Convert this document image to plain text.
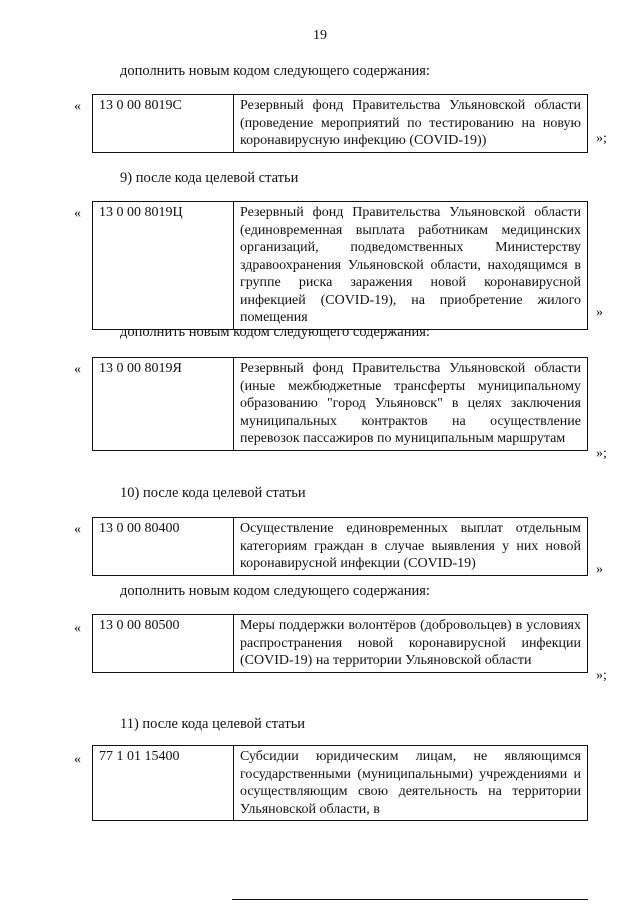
19
дополнить новым кодом следующего содержания:
« 13 0 00 8019С	Резервный фонд Правительства Ульяновской области (проведение мероприятий по тестированию на новую коронавирусную инфекцию (COVID-19))	»;
9) после кода целевой статьи
« 13 0 00 8019Ц	Резервный фонд Правительства Ульяновской области (единовременная выплата работникам медицинских организаций, подведомственных Министерству здравоохранения Ульяновской области, находящимся в группе риска заражения новой коронавирусной инфекцией (COVID-19), на приобретение жилого помещения	»
дополнить новым кодом следующего содержания:
« 13 0 00 8019Я	Резервный фонд Правительства Ульяновской области (иные межбюджетные трансферты муниципальному образованию "город Ульяновск" в целях заключения муниципальных контрактов на осуществление перевозок пассажиров по муниципальным маршрутам
»;
10) после кода целевой статьи
« 13 0 00 80400	Осуществление единовременных выплат отдельным категориям граждан в случае выявления у них новой коронавирусной инфекции (COVID-19)	»
дополнить новым кодом следующего содержания:
« 13 0 00 80500	Меры поддержки волонтёров (добровольцев) в условиях распространения новой коронавирусной инфекции (COVID-19) на территории Ульяновской области
»;
11) после кода целевой статьи
« 77 1 01 15400	Субсидии юридическим лицам, не являющимся государственными (муниципальными) учреждениями и осуществляющим свою деятельность на территории Ульяновской области, в
